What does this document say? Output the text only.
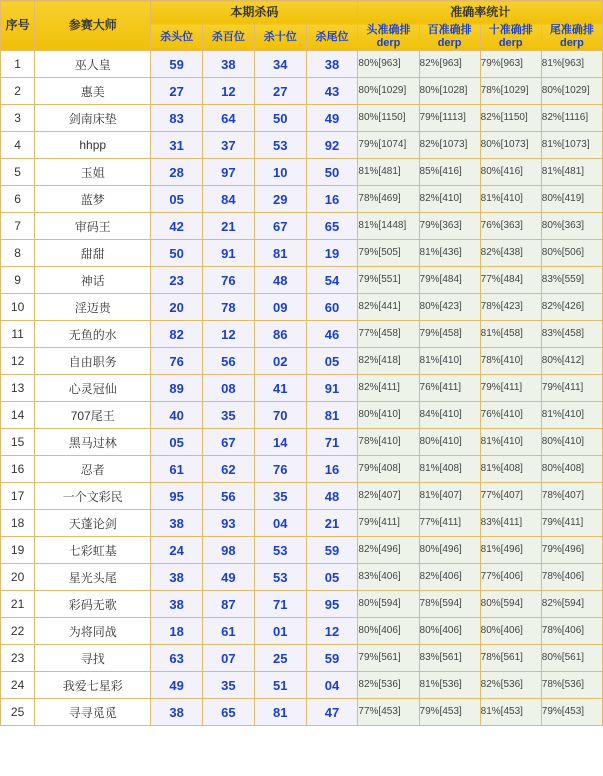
序号	参赛大师	本期杀码				准确率统计			
		杀头位	杀百位	杀十位	杀尾位	头准确排derp	百准确排derp	十准确排derp	尾准确排derp
1	巫人皇	59	38	34	38	80%[963]	82%[963]	79%[963]	81%[963]
2	惠美	27	12	27	43	80%[1029]	80%[1028]	78%[1029]	80%[1029]
3	剑南床垫	83	64	50	49	80%[1150]	79%[1113]	82%[1150]	82%[1116]
4	hhpp	31	37	53	92	79%[1074]	82%[1073]	80%[1073]	81%[1073]
5	玉姐	28	97	10	50	81%[481]	85%[416]	80%[416]	81%[481]
6	蓝梦	05	84	29	16	78%[469]	82%[410]	81%[410]	80%[419]
7	审码王	42	21	67	65	81%[1448]	79%[363]	76%[363]	80%[363]
8	甜甜	50	91	81	19	79%[505]	81%[436]	82%[438]	80%[506]
9	神话	23	76	48	54	79%[551]	79%[484]	77%[484]	83%[559]
10	淫迈贵	20	78	09	60	82%[441]	80%[423]	78%[423]	82%[426]
11	无鱼的水	82	12	86	46	77%[458]	79%[458]	81%[458]	83%[458]
12	自由职务	76	56	02	05	82%[418]	81%[410]	78%[410]	80%[412]
13	心灵冠仙	89	08	41	91	82%[411]	76%[411]	79%[411]	79%[411]
14	707尾王	40	35	70	81	80%[410]	84%[410]	76%[410]	81%[410]
15	黑马过林	05	67	14	71	78%[410]	80%[410]	81%[410]	80%[410]
16	忍者	61	62	76	16	79%[408]	81%[408]	81%[408]	80%[408]
17	一个文彩民	95	56	35	48	82%[407]	81%[407]	77%[407]	78%[407]
18	天蓬论剑	38	93	04	21	79%[411]	77%[411]	83%[411]	79%[411]
19	七彩虹基	24	98	53	59	82%[496]	80%[496]	81%[496]	79%[496]
20	星光头尾	38	49	53	05	83%[406]	82%[406]	77%[406]	78%[406]
21	彩码无歌	38	87	71	95	80%[594]	78%[594]	80%[594]	82%[594]
22	为将同战	18	61	01	12	80%[406]	80%[406]	80%[406]	78%[406]
23	寻找	63	07	25	59	79%[561]	83%[561]	78%[561]	80%[561]
24	我爱七星彩	49	35	51	04	82%[536]	81%[536]	82%[536]	78%[536]
25	寻寻觅觅	38	65	81	47	77%[453]	79%[453]	81%[453]	79%[453]
